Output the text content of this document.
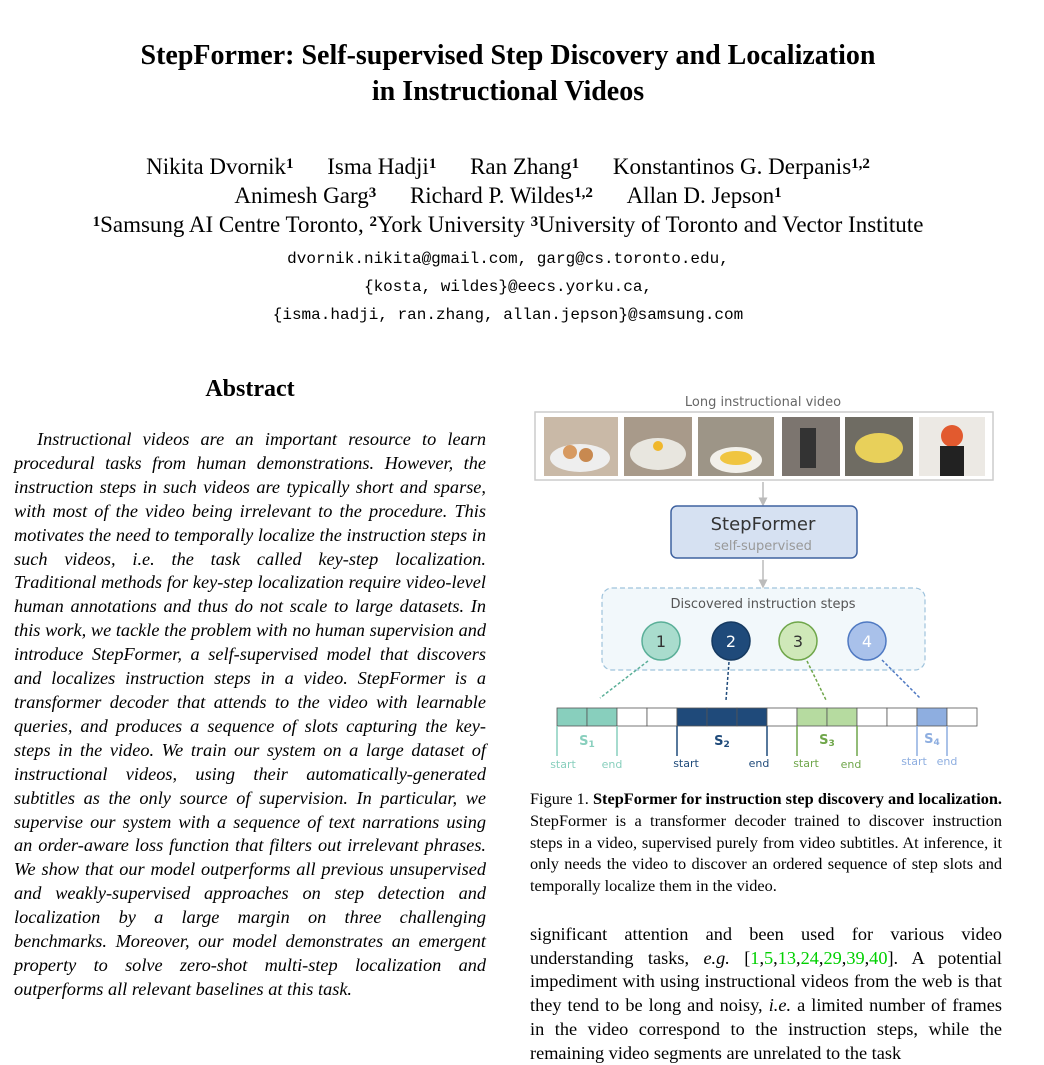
StepFormer: Self-supervised Step Discovery and Localization
in Instructional Videos
Nikita Dvornik$^1$ Isma Hadji$^1$ Ran Zhang$^1$ Konstantinos G. Derpanis$^{1,2}$
Animesh Garg$^3$ Richard P. Wildes$^{1,2}$ Allan D. Jepson$^1$
$^1$Samsung AI Centre Toronto, $^2$York University $^3$University of Toronto and Vector Institute
dvornik.nikita@gmail.com, garg@cs.toronto.edu,
{kosta, wildes}@eecs.yorku.ca,
{isma.hadji, ran.zhang, allan.jepson}@samsung.com
Abstract

Instructional videos are an important resource to learn procedural tasks from human demonstrations. However, the instruction steps in such videos are typically short and sparse, with most of the video being irrelevant to the procedure. This motivates the need to temporally localize the instruction steps in such videos, i.e. the task called key-step localization. Traditional methods for key-step localization require video-level human annotations and thus do not scale to large datasets. In this work, we tackle the problem with no human supervision and introduce StepFormer, a self-supervised model that discovers and localizes instruction steps in a video. StepFormer is a transformer decoder that attends to the video with learnable queries, and produces a sequence of slots capturing the key-steps in the video. We train our system on a large dataset of instructional videos, using their automatically-generated subtitles as the only source of supervision. In particular, we supervise our system with a sequence of text narrations using an order-aware loss function that filters out irrelevant phrases. We show that our model outperforms all previous unsupervised and weakly-supervised approaches on step detection and localization by a large margin on three challenging benchmarks. Moreover, our model demonstrates an emergent property to solve zero-shot multi-step localization and outperforms all relevant baselines at this task.

Long instructional video
StepFormer
self-supervised
Discovered instruction steps
1	2	3	4
S1
start end
S2
start	end
S3
start end
S4
start end
Figure 1. StepFormer for instruction step discovery and localization. StepFormer is a transformer decoder trained to discover instruction steps in a video, supervised purely from video subtitles. At inference, it only needs the video to discover an ordered sequence of step slots and temporally localize them in the video.
significant attention and been used for various video understanding tasks, e.g. [1,5,13,24,29,39,40]. A potential impediment with using instructional videos from the web is that they tend to be long and noisy, i.e. a limited number of frames in the video correspond to the instruction steps, while the remaining video segments are unrelated to the task
